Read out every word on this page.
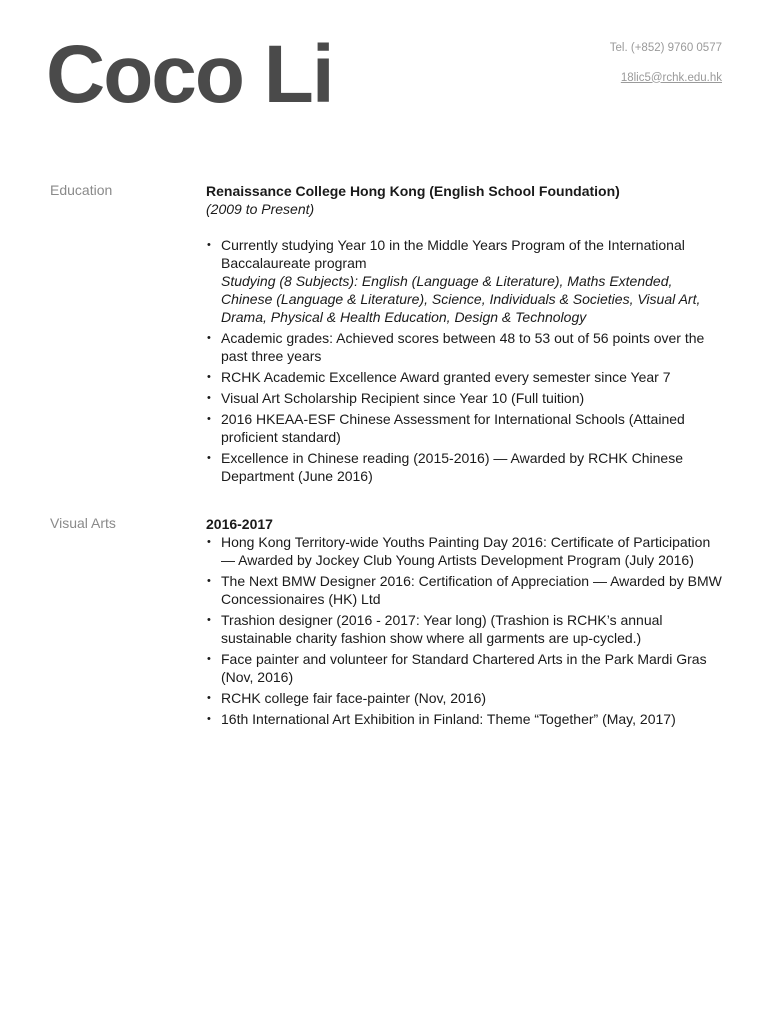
Coco Li	Tel. (+852) 9760 0577
18lic5@rchk.edu.hk
Education	Renaissance College Hong Kong (English School Foundation)
(2009 to Present)
• Currently studying Year 10 in the Middle Years Program of the International Baccalaureate program
Studying (8 Subjects): English (Language & Literature), Maths Extended, Chinese (Language & Literature), Science, Individuals & Societies, Visual Art, Drama, Physical & Health Education, Design & Technology
• Academic grades: Achieved scores between 48 to 53 out of 56 points over the past three years
• RCHK Academic Excellence Award granted every semester since Year 7
• Visual Art Scholarship Recipient since Year 10 (Full tuition)
• 2016 HKEAA-ESF Chinese Assessment for International Schools (Attained proficient standard)
• Excellence in Chinese reading (2015-2016) — Awarded by RCHK Chinese Department (June 2016)
Visual Arts	2016-2017
• Hong Kong Territory-wide Youths Painting Day 2016: Certificate of Participation — Awarded by Jockey Club Young Artists Development Program (July 2016)
• The Next BMW Designer 2016: Certification of Appreciation — Awarded by BMW Concessionaires (HK) Ltd
• Trashion designer (2016 - 2017: Year long) (Trashion is RCHK’s annual sustainable charity fashion show where all garments are up-cycled.)
• Face painter and volunteer for Standard Chartered Arts in the Park Mardi Gras (Nov, 2016)
• RCHK college fair face-painter (Nov, 2016)
• 16th International Art Exhibition in Finland: Theme “Together” (May, 2017)
